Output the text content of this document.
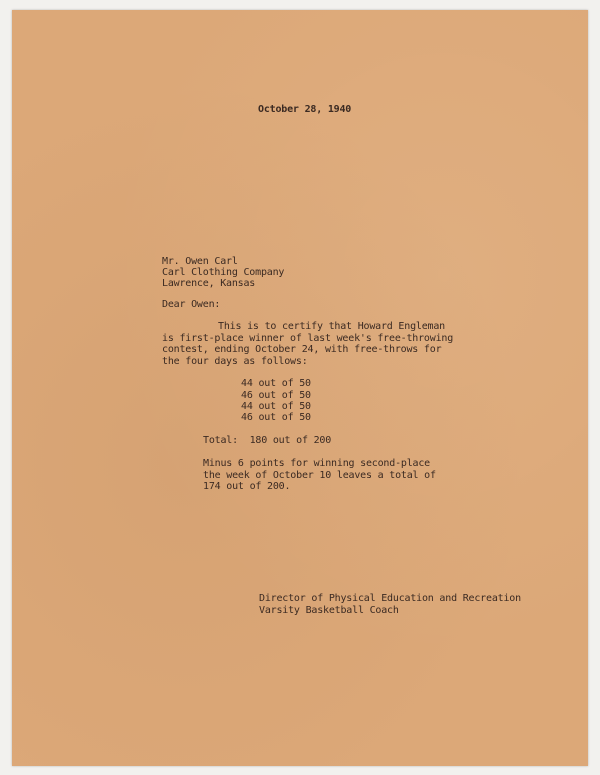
October 28, 1940
Mr. Owen Carl
Carl Clothing Company
Lawrence, Kansas
Dear Owen:
This is to certify that Howard Engleman
is first-place winner of last week's free-throwing
contest, ending October 24, with free-throws for
the four days as follows:
44 out of 50
46 out of 50
44 out of 50
46 out of 50
Total:  180 out of 200
Minus 6 points for winning second-place
the week of October 10 leaves a total of
174 out of 200.
Director of Physical Education and Recreation
Varsity Basketball Coach
